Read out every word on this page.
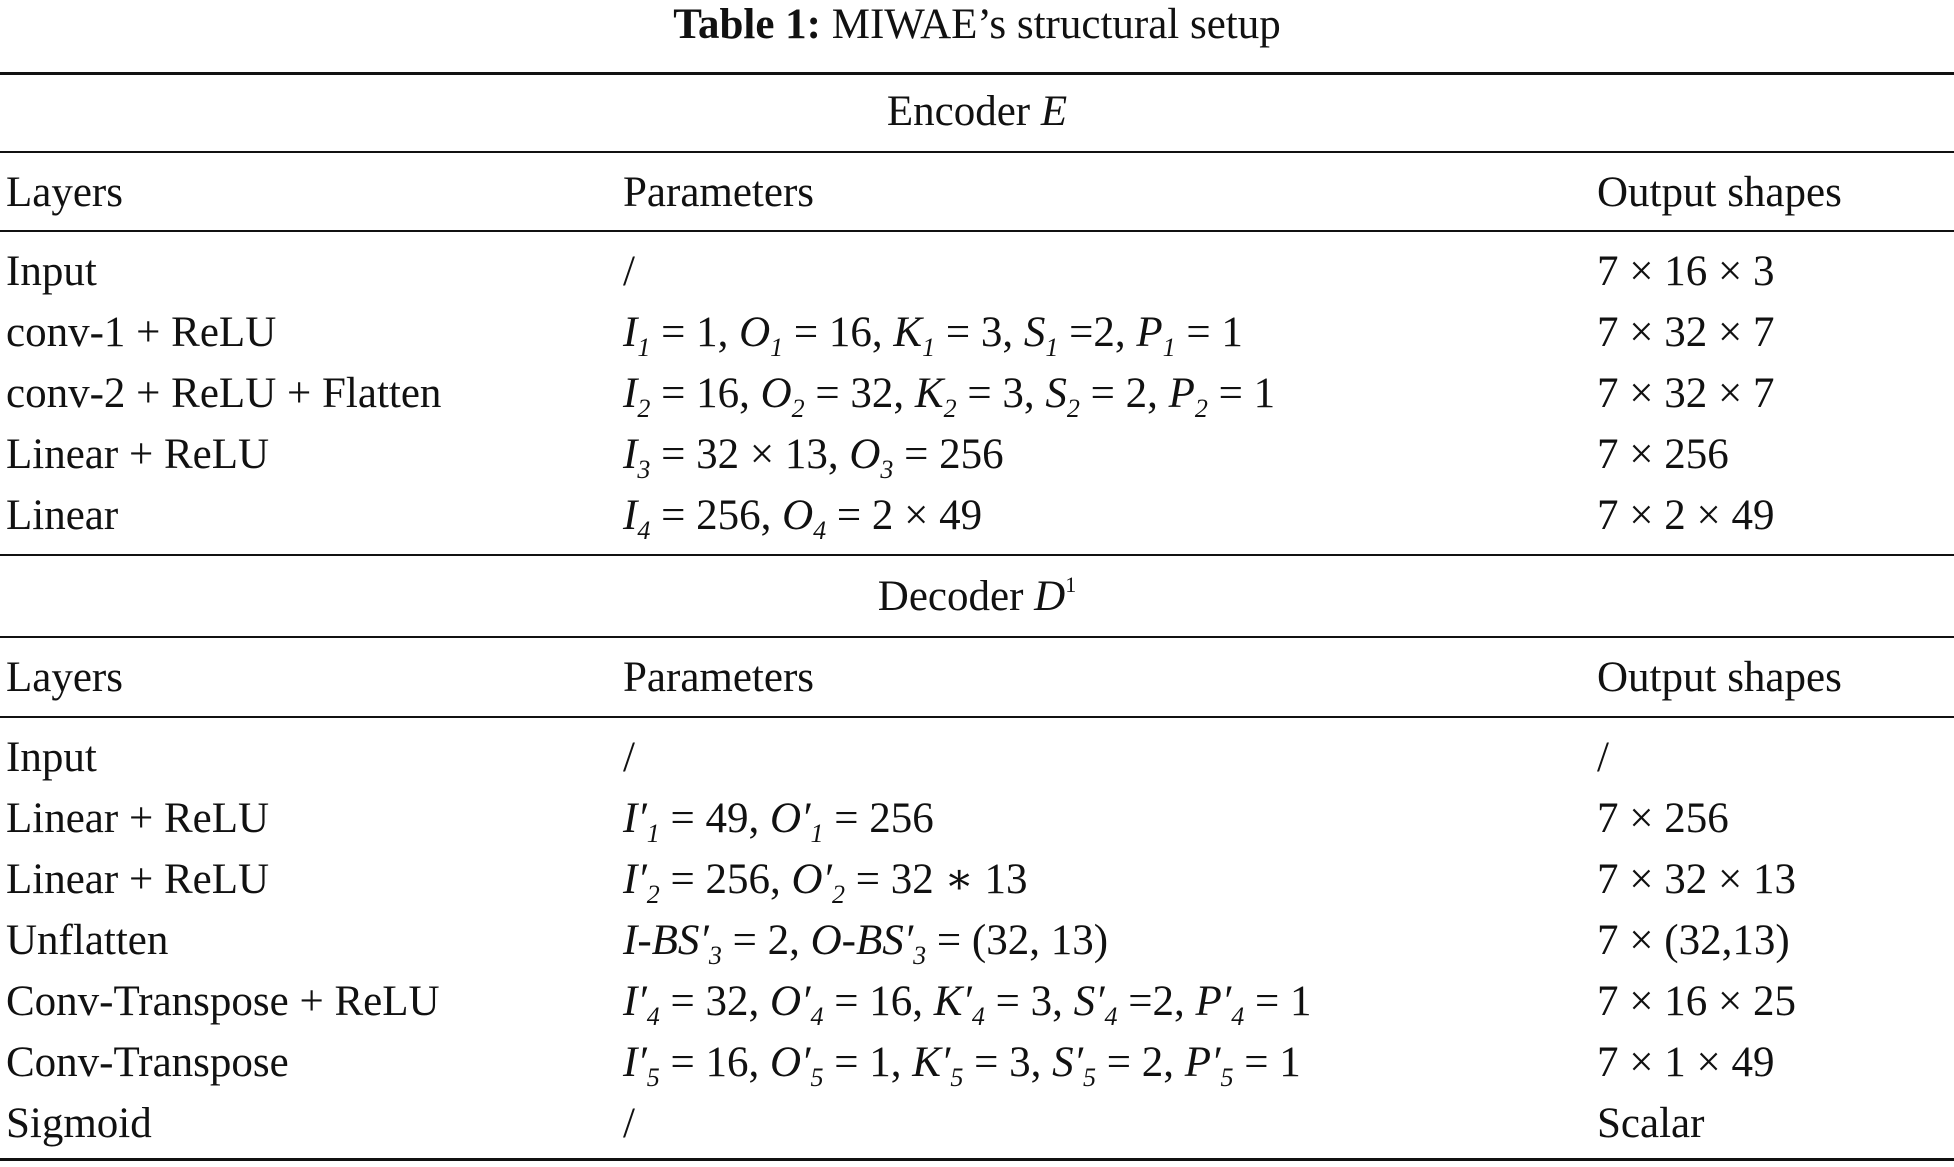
Table 1: MIWAE’s structural setup
Encoder E
Layers	Parameters	Output shapes
Input	/	7 × 16 × 3
conv-1 + ReLU	$I_1 = 1$, $O_1 = 16$, $K_1 = 3$, $S_1 =2$, $P_1 = 1$	7 × 32 × 7
conv-2 + ReLU + Flatten	$I_2 = 16$, $O_2 = 32$, $K_2 = 3$, $S_2 = 2$, $P_2 = 1$	7 × 32 × 7
Linear + ReLU	$I_3 = 32 \times 13$, $O_3 = 256$	7 × 256
Linear	$I_4 = 256$, $O_4 = 2 \times 49$	7 × 2 × 49
Decoder $D^1$
Layers	Parameters	Output shapes
Input	/	/
Linear + ReLU	$I'_1 = 49$, $O'_1 = 256$	7 × 256
Linear + ReLU	$I'_2 = 256$, $O'_2 = 32$ ∗ 13	7 × 32 × 13
Unflatten	$I-BS'_3 = 2$, $O-BS'_3 = (32$, 13)	7 × (32,13)
Conv-Transpose + ReLU	$I'_4 = 32$, $O'_4 = 16$, $K'_4 = 3$, $S'_4 =2$, $P'_4 = 1$	7 × 16 × 25
Conv-Transpose	$I'_5 = 16$, $O'_5 = 1$, $K'_5 = 3$, $S'_5 = 2$, $P'_5 = 1$	7 × 1 × 49
Sigmoid	/	Scalar
